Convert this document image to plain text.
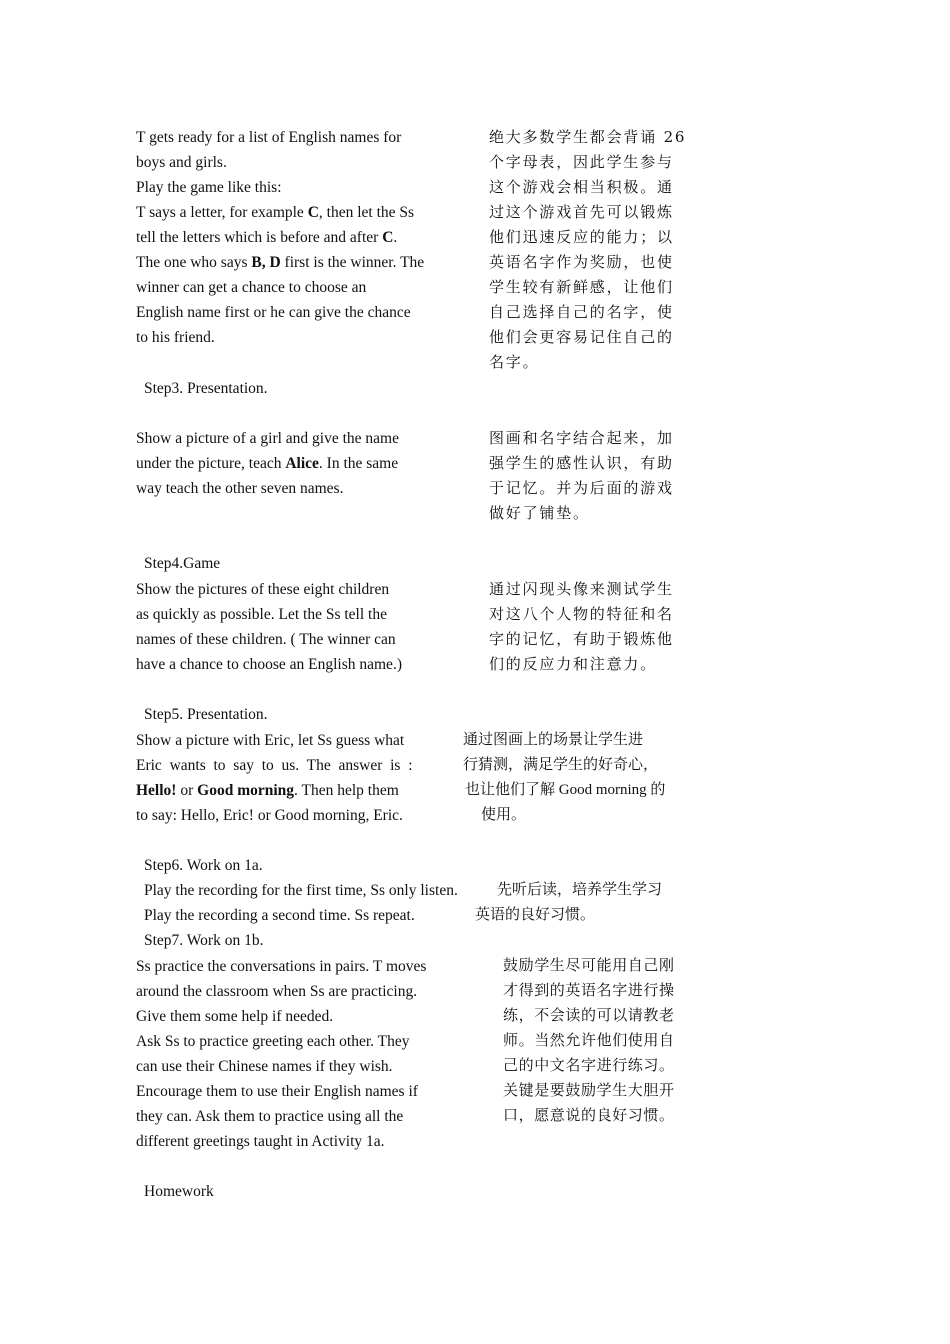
T gets ready for a list of English names for
boys and girls.
Play the game like this:
T says a letter, for example C, then let the Ss
tell the letters which is before and after C.
The one who says B, D first is the winner. The
winner can get a chance to choose an
English name first or he can give the chance
to his friend.
绝大多数学生都会背诵 26
个字母表，因此学生参与
这个游戏会相当积极。通
过这个游戏首先可以锻炼
他们迅速反应的能力；以
英语名字作为奖励，也使
学生较有新鲜感，让他们
自己选择自己的名字，使
他们会更容易记住自己的
名字。
Step3. Presentation.
Show a picture of a girl and give the name
under the picture, teach Alice. In the same
way teach the other seven names.
图画和名字结合起来，加
强学生的感性认识，有助
于记忆。并为后面的游戏
做好了铺垫。
Step4.Game
Show the pictures of these eight children
as quickly as possible. Let the Ss tell the
names of these children. ( The winner can
have a chance to choose an English name.)
通过闪现头像来测试学生
对这八个人物的特征和名
字的记忆，有助于锻炼他
们的反应力和注意力。
Step5. Presentation.
Show a picture with Eric, let Ss guess what
Eric  wants  to  say  to  us.  The  answer  is  :
Hello! or Good morning. Then help them
to say: Hello, Eric! or Good morning, Eric.
通过图画上的场景让学生进
行猜测，满足学生的好奇心，
也让他们了解 Good morning 的
使用。
Step6. Work on 1a.
Play the recording for the first time, Ss only listen.	先听后读，培养学生学习
Play the recording a second time. Ss repeat.	英语的良好习惯。
Step7. Work on 1b.
Ss practice the conversations in pairs. T moves
around the classroom when Ss are practicing.
Give them some help if needed.
Ask Ss to practice greeting each other. They
can use their Chinese names if they wish.
Encourage them to use their English names if
they can. Ask them to practice using all the
different greetings taught in Activity 1a.
鼓励学生尽可能用自己刚
才得到的英语名字进行操
练，不会读的可以请教老
师。当然允许他们使用自
己的中文名字进行练习。
关键是要鼓励学生大胆开
口，愿意说的良好习惯。
Homework
